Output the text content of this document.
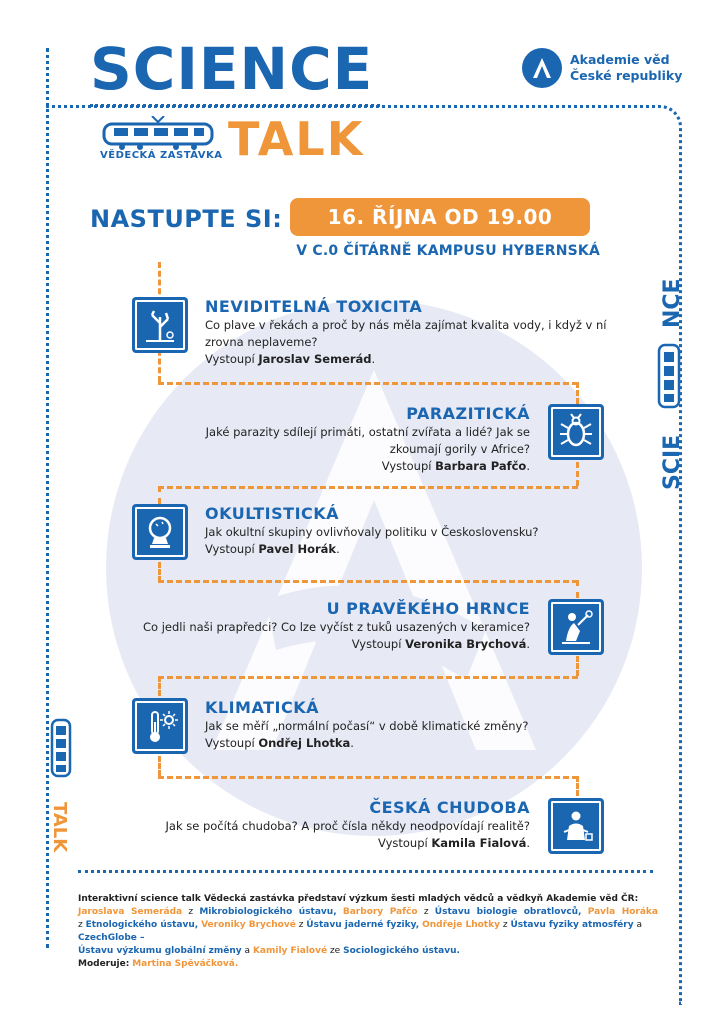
SCIENCE
VĚDECKÁ ZASTÁVKA TALK
Akademie věd
České republiky
NASTUPTE SI:	16. ŘÍJNA OD 19.00
V C.0 ČÍTÁRNĚ KAMPUSU HYBERNSKÁ
NEVIDITELNÁ TOXICITA
Co plave v řekách a proč by nás měla zajímat kvalita vody, i když v ní zrovna neplaveme?
Vystoupí Jaroslav Semerád.
PARAZITICKÁ
Jaké parazity sdílejí primáti, ostatní zvířata a lidé? Jak se zkoumají gorily v Africe?
Vystoupí Barbara Pafčo.
OKULTISTICKÁ
Jak okultní skupiny ovlivňovaly politiku v Československu?
Vystoupí Pavel Horák.
U PRAVĚKÉHO HRNCE
Co jedli naši prapředci? Co lze vyčíst z tuků usazených v keramice?
Vystoupí Veronika Brychová.
KLIMATICKÁ
Jak se měří „normální počasí“ v době klimatické změny?
Vystoupí Ondřej Lhotka.
ČESKÁ CHUDOBA
Jak se počítá chudoba? A proč čísla někdy neodpovídají realitě?
Vystoupí Kamila Fialová.
SCIE
NCE
TALK
Interaktivní science talk Vědecká zastávka představí výzkum šesti mladých vědců a vědkyň Akademie věd ČR:
Jaroslava Semeráda z Mikrobiologického ústavu, Barbory Pafčo z Ústavu biologie obratlovců, Pavla Horáka
z Etnologického ústavu, Veroniky Brychové z Ústavu jaderné fyziky, Ondřeje Lhotky z Ústavu fyziky atmosféry a CzechGlobe –
Ústavu výzkumu globální změny a Kamily Fialové ze Sociologického ústavu.
Moderuje: Martina Spěváčková.
